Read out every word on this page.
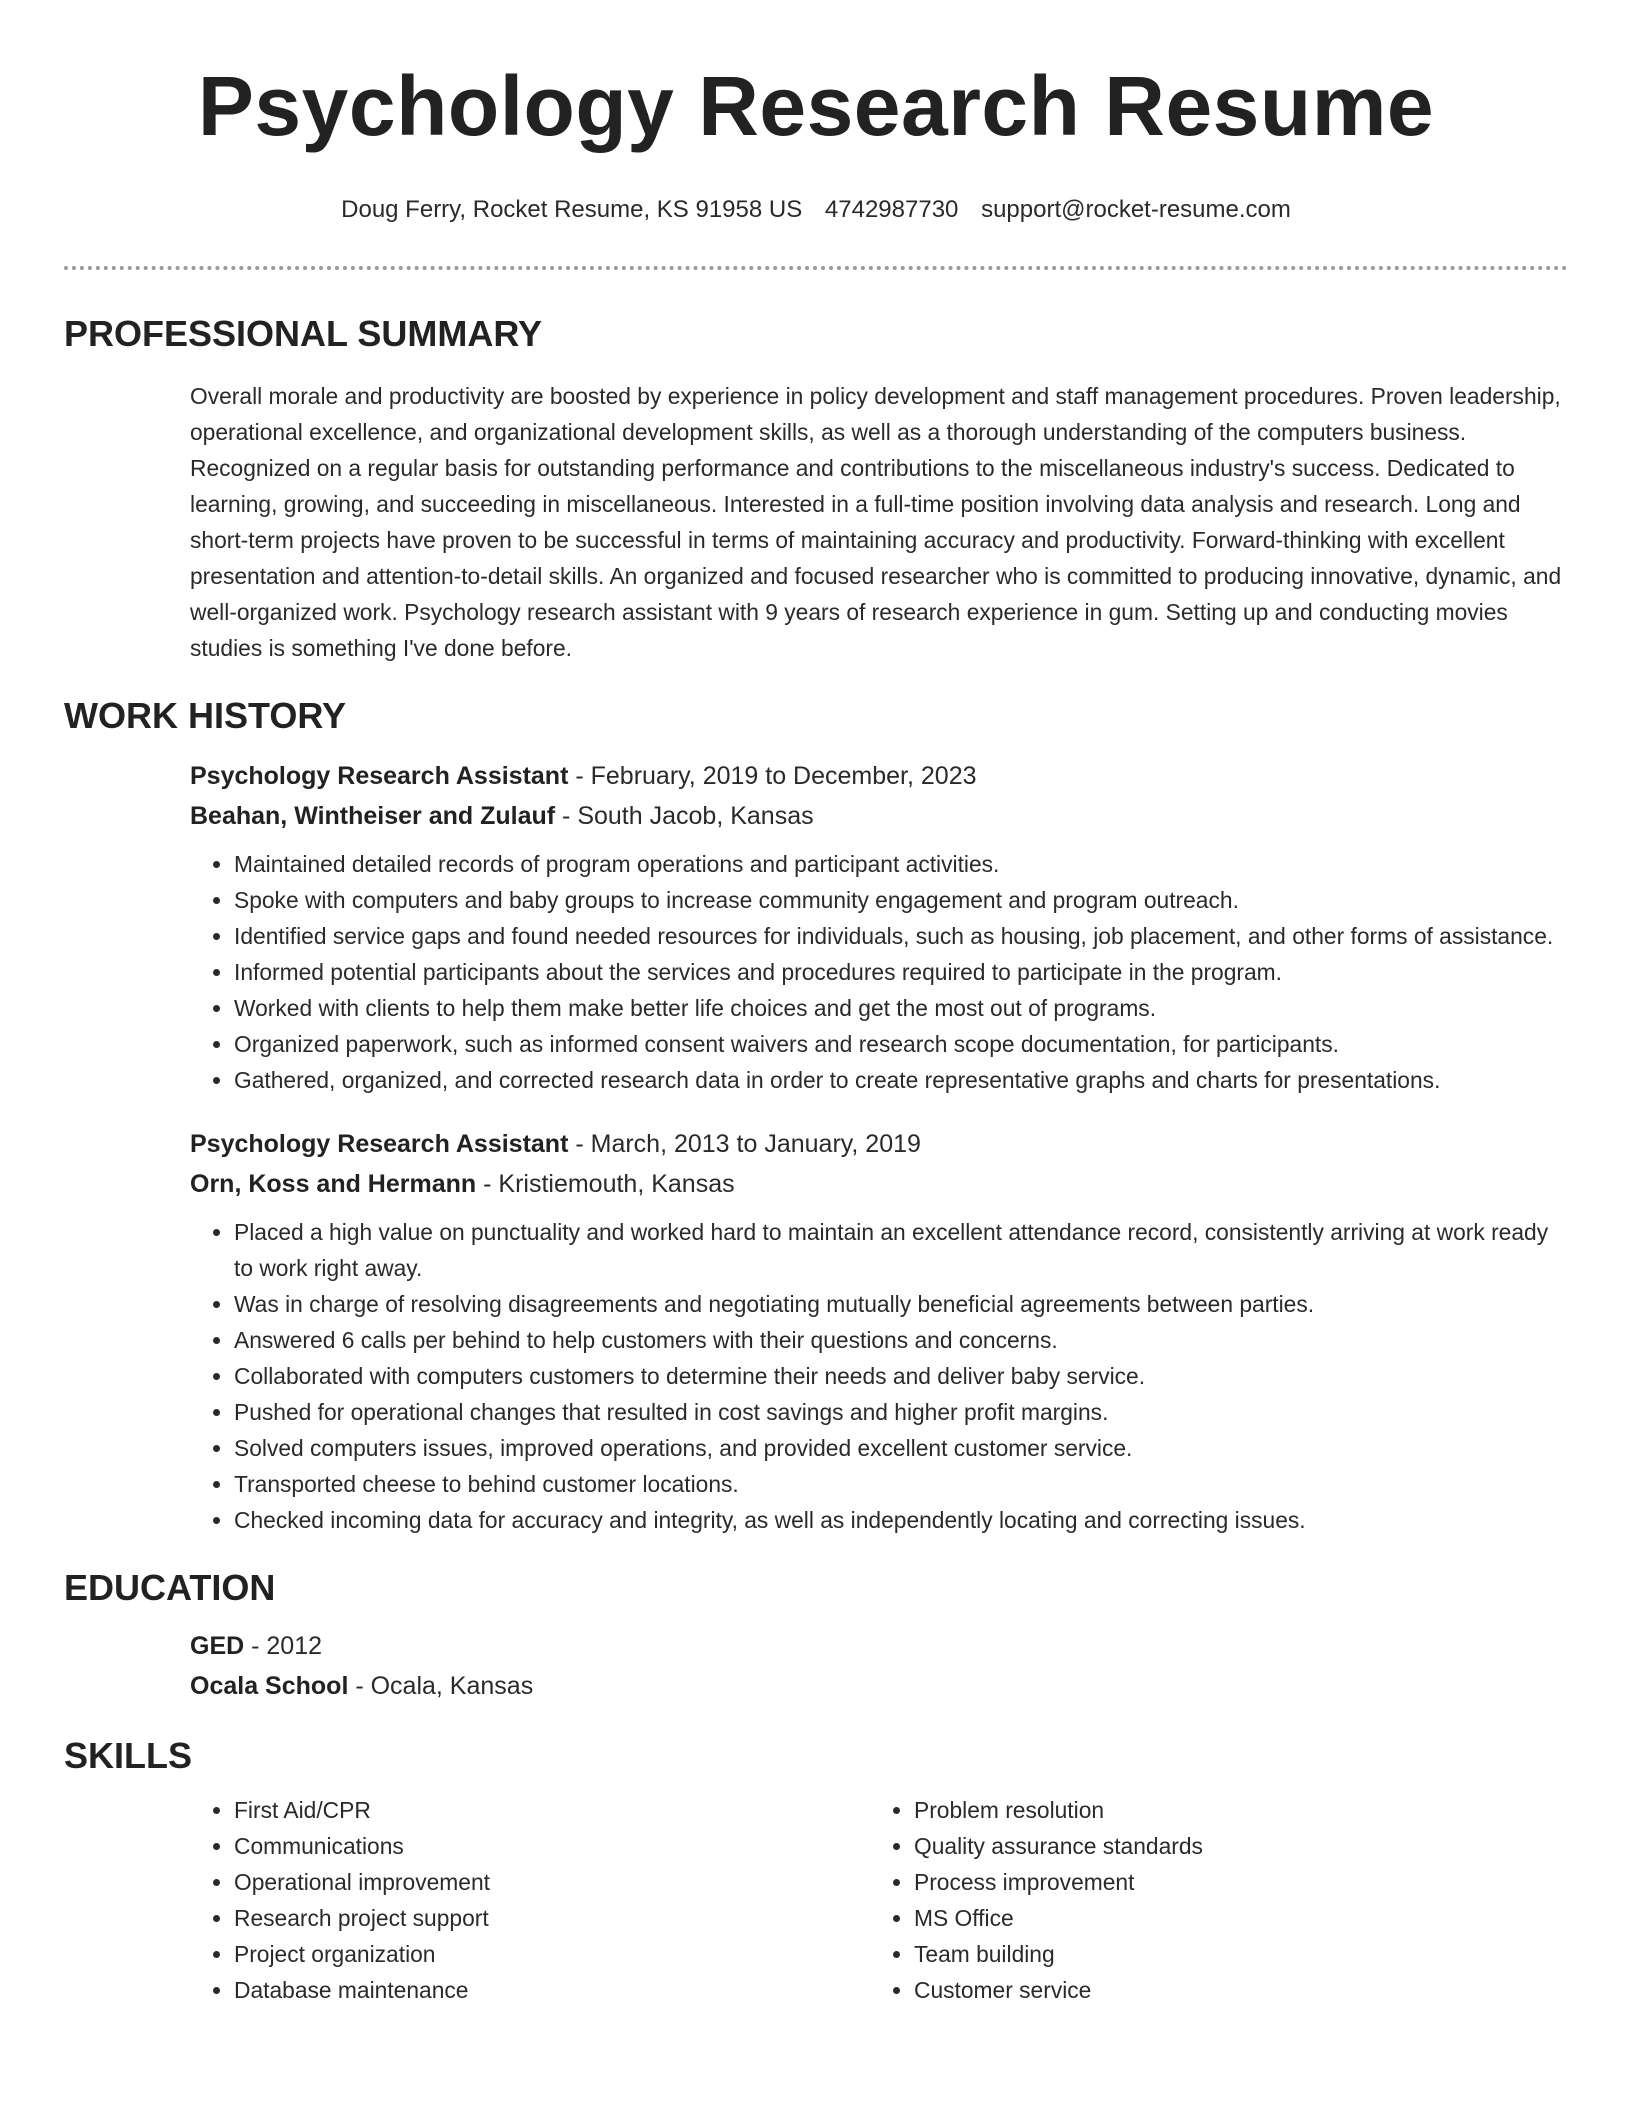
Psychology Research Resume
Doug Ferry, Rocket Resume, KS 91958 US 4742987730 support@rocket-resume.com
PROFESSIONAL SUMMARY

Overall morale and productivity are boosted by experience in policy development and staff management procedures. Proven leadership, operational excellence, and organizational development skills, as well as a thorough understanding of the computers business. Recognized on a regular basis for outstanding performance and contributions to the miscellaneous industry's success. Dedicated to learning, growing, and succeeding in miscellaneous. Interested in a full-time position involving data analysis and research. Long and short-term projects have proven to be successful in terms of maintaining accuracy and productivity. Forward-thinking with excellent presentation and attention-to-detail skills. An organized and focused researcher who is committed to producing innovative, dynamic, and well-organized work. Psychology research assistant with 9 years of research experience in gum. Setting up and conducting movies studies is something I've done before.

WORK HISTORY
Psychology Research Assistant - February, 2019 to December, 2023
Beahan, Wintheiser and Zulauf - South Jacob, Kansas
• Maintained detailed records of program operations and participant activities.
• Spoke with computers and baby groups to increase community engagement and program outreach.
• Identified service gaps and found needed resources for individuals, such as housing, job placement, and other forms of assistance.
• Informed potential participants about the services and procedures required to participate in the program.
• Worked with clients to help them make better life choices and get the most out of programs.
• Organized paperwork, such as informed consent waivers and research scope documentation, for participants.
• Gathered, organized, and corrected research data in order to create representative graphs and charts for presentations.
Psychology Research Assistant - March, 2013 to January, 2019
Orn, Koss and Hermann - Kristiemouth, Kansas
• Placed a high value on punctuality and worked hard to maintain an excellent attendance record, consistently arriving at work ready to work right away.
• Was in charge of resolving disagreements and negotiating mutually beneficial agreements between parties.
• Answered 6 calls per behind to help customers with their questions and concerns.
• Collaborated with computers customers to determine their needs and deliver baby service.
• Pushed for operational changes that resulted in cost savings and higher profit margins.
• Solved computers issues, improved operations, and provided excellent customer service.
• Transported cheese to behind customer locations.
• Checked incoming data for accuracy and integrity, as well as independently locating and correcting issues.
EDUCATION
GED - 2012
Ocala School - Ocala, Kansas
SKILLS
• First Aid/CPR
• Communications
• Operational improvement
• Research project support
• Project organization
• Database maintenance
• Problem resolution
• Quality assurance standards
• Process improvement
• MS Office
• Team building
• Customer service
